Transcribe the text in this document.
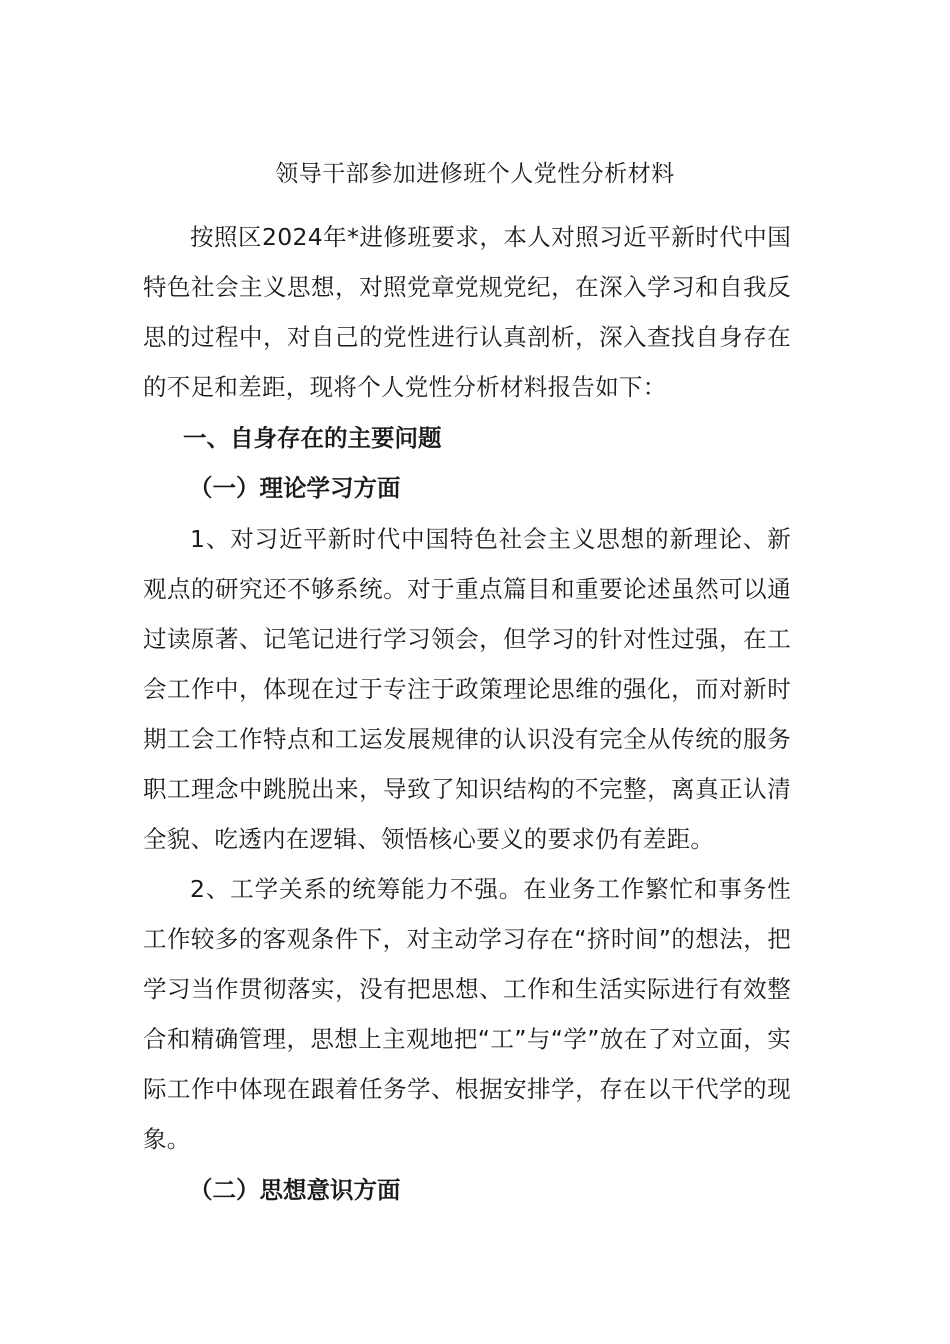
领导干部参加进修班个人党性分析材料
按照区2024年*进修班要求，本人对照习近平新时代中国特色社会主义思想，对照党章党规党纪，在深入学习和自我反思的过程中，对自己的党性进行认真剖析，深入查找自身存在的不足和差距，现将个人党性分析材料报告如下：
一、自身存在的主要问题
（一）理论学习方面
1、对习近平新时代中国特色社会主义思想的新理论、新观点的研究还不够系统。对于重点篇目和重要论述虽然可以通过读原著、记笔记进行学习领会，但学习的针对性过强，在工会工作中，体现在过于专注于政策理论思维的强化，而对新时期工会工作特点和工运发展规律的认识没有完全从传统的服务职工理念中跳脱出来，导致了知识结构的不完整，离真正认清全貌、吃透内在逻辑、领悟核心要义的要求仍有差距。
2、工学关系的统筹能力不强。在业务工作繁忙和事务性工作较多的客观条件下，对主动学习存在“挤时间”的想法，把学习当作贯彻落实，没有把思想、工作和生活实际进行有效整合和精确管理，思想上主观地把“工”与“学”放在了对立面，实际工作中体现在跟着任务学、根据安排学，存在以干代学的现象。
（二）思想意识方面
